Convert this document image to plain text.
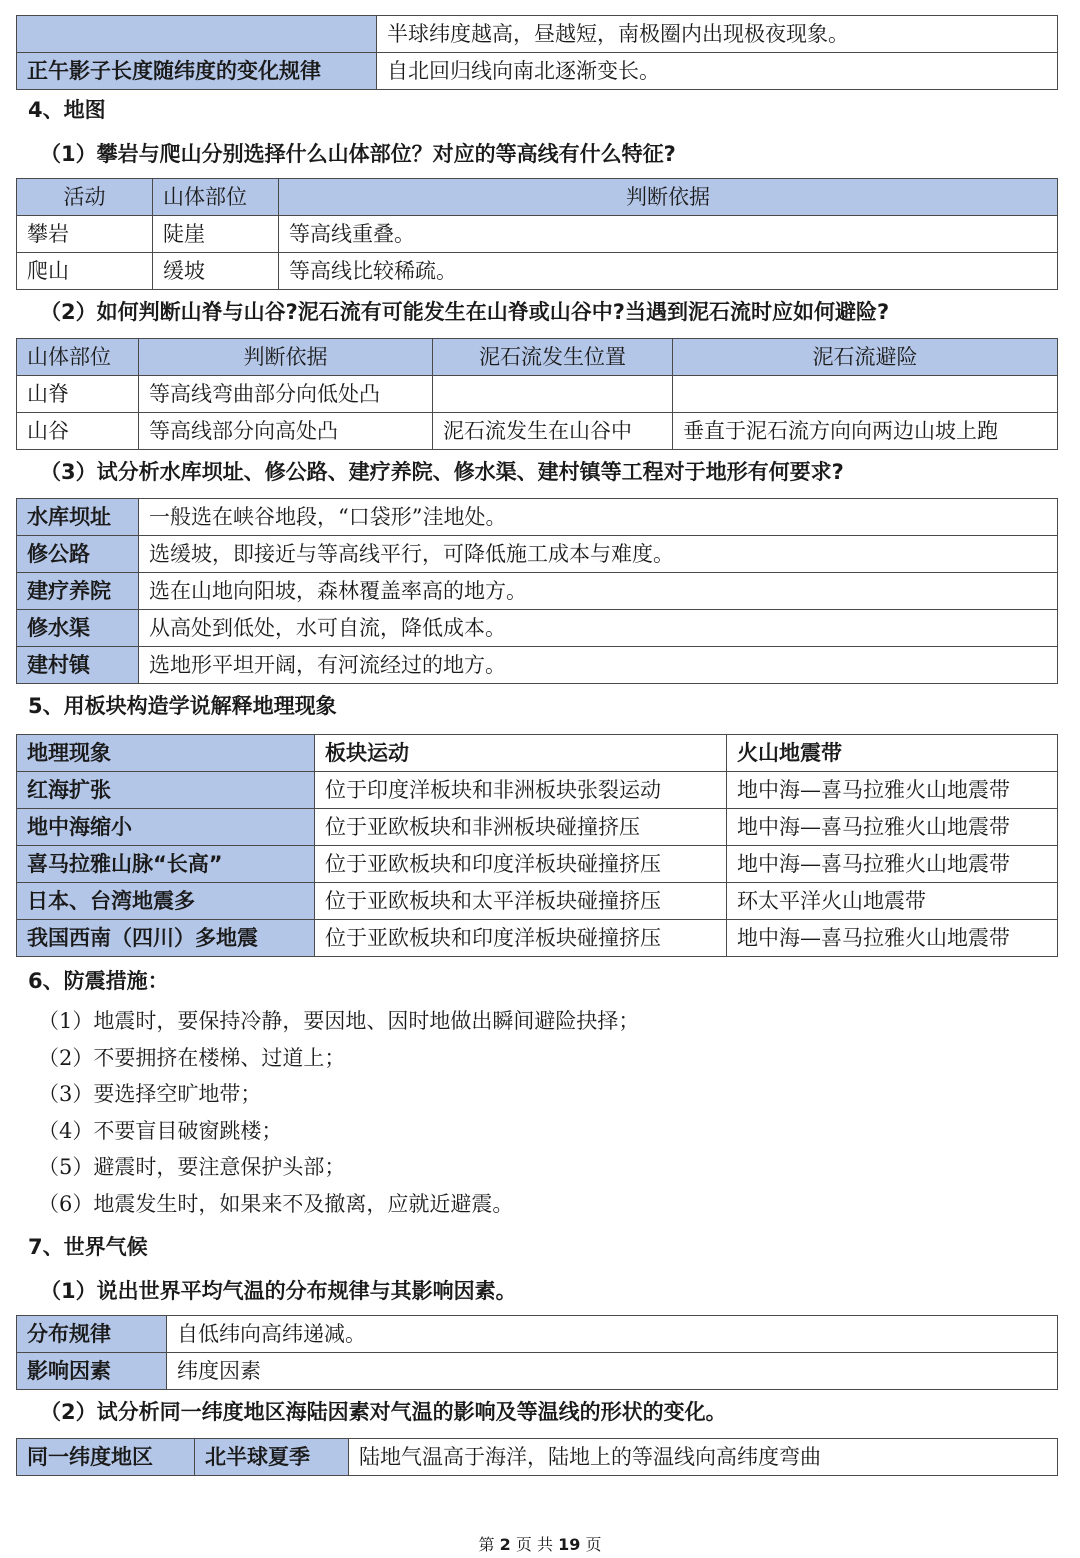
	半球纬度越高，昼越短，南极圈内出现极夜现象。
正午影子长度随纬度的变化规律	自北回归线向南北逐渐变长。
4、地图
（1）攀岩与爬山分别选择什么山体部位？对应的等高线有什么特征?
活动	山体部位	判断依据
攀岩	陡崖	等高线重叠。
爬山	缓坡	等高线比较稀疏。
（2）如何判断山脊与山谷?泥石流有可能发生在山脊或山谷中?当遇到泥石流时应如何避险?
山体部位	判断依据	泥石流发生位置	泥石流避险
山脊	等高线弯曲部分向低处凸		
山谷	等高线部分向高处凸	泥石流发生在山谷中	垂直于泥石流方向向两边山坡上跑
（3）试分析水库坝址、修公路、建疗养院、修水渠、建村镇等工程对于地形有何要求?
水库坝址	一般选在峡谷地段，“口袋形”洼地处。
修公路	选缓坡，即接近与等高线平行，可降低施工成本与难度。
建疗养院	选在山地向阳坡，森林覆盖率高的地方。
修水渠	从高处到低处，水可自流，降低成本。
建村镇	选地形平坦开阔，有河流经过的地方。
5、用板块构造学说解释地理现象
地理现象	板块运动	火山地震带
红海扩张	位于印度洋板块和非洲板块张裂运动	地中海—喜马拉雅火山地震带
地中海缩小	位于亚欧板块和非洲板块碰撞挤压	地中海—喜马拉雅火山地震带
喜马拉雅山脉“长高”	位于亚欧板块和印度洋板块碰撞挤压	地中海—喜马拉雅火山地震带
日本、台湾地震多	位于亚欧板块和太平洋板块碰撞挤压	环太平洋火山地震带
我国西南（四川）多地震	位于亚欧板块和印度洋板块碰撞挤压	地中海—喜马拉雅火山地震带
6、防震措施：
（1）地震时，要保持冷静，要因地、因时地做出瞬间避险抉择；
（2）不要拥挤在楼梯、过道上；
（3）要选择空旷地带；
（4）不要盲目破窗跳楼；
（5）避震时，要注意保护头部；
（6）地震发生时，如果来不及撤离，应就近避震。
7、世界气候
（1）说出世界平均气温的分布规律与其影响因素。
分布规律	自低纬向高纬递减。
影响因素	纬度因素
（2）试分析同一纬度地区海陆因素对气温的影响及等温线的形状的变化。
同一纬度地区	北半球夏季	陆地气温高于海洋，陆地上的等温线向高纬度弯曲
第 2 页 共 19 页
